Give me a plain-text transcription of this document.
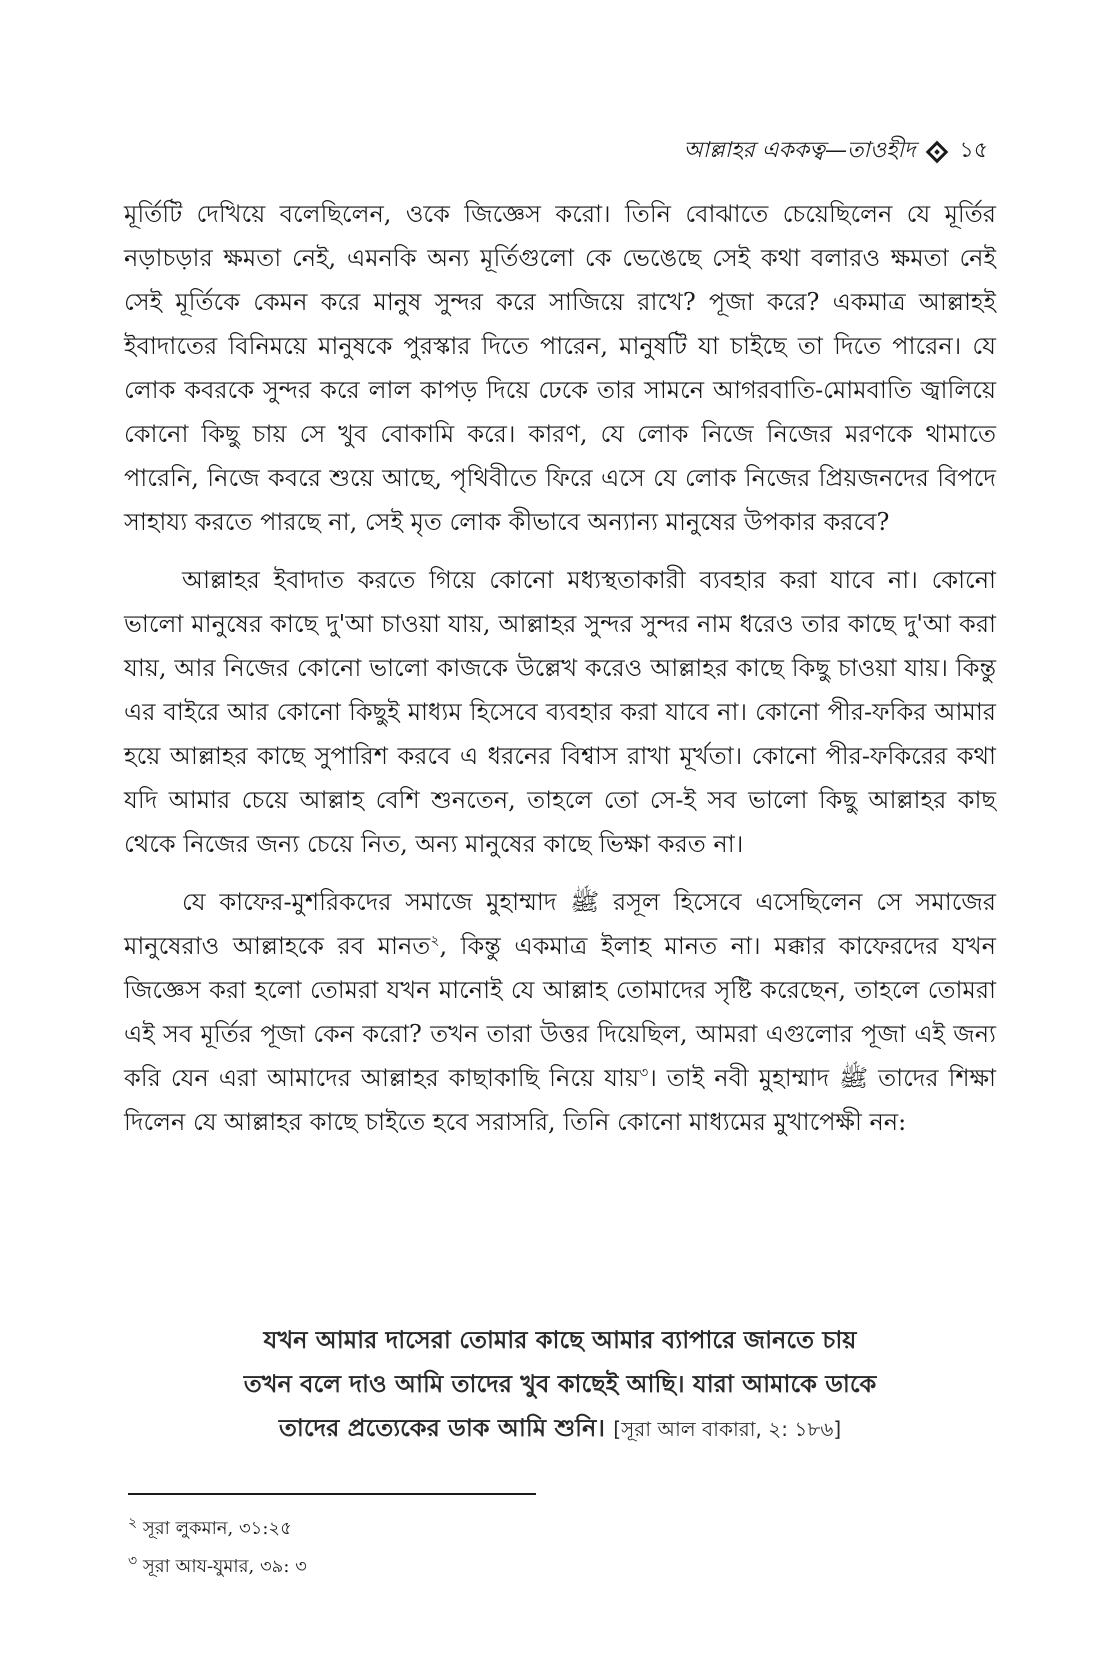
আল্লাহর এককত্ব—তাওহীদ ১৫

মূর্তিটি দেখিয়ে বলেছিলেন, ওকে জিজ্ঞেস করো। তিনি বোঝাতে চেয়েছিলেন যে মূর্তির নড়াচড়ার ক্ষমতা নেই, এমনকি অন্য মূর্তিগুলো কে ভেঙেছে সেই কথা বলারও ক্ষমতা নেই সেই মূর্তিকে কেমন করে মানুষ সুন্দর করে সাজিয়ে রাখে? পূজা করে? একমাত্র আল্লাহই ইবাদাতের বিনিময়ে মানুষকে পুরস্কার দিতে পারেন, মানুষটি যা চাইছে তা দিতে পারেন। যে লোক কবরকে সুন্দর করে লাল কাপড় দিয়ে ঢেকে তার সামনে আগরবাতি-মোমবাতি জ্বালিয়ে কোনো কিছু চায় সে খুব বোকামি করে। কারণ, যে লোক নিজে নিজের মরণকে থামাতে পারেনি, নিজে কবরে শুয়ে আছে, পৃথিবীতে ফিরে এসে যে লোক নিজের প্রিয়জনদের বিপদে সাহায্য করতে পারছে না, সেই মৃত লোক কীভাবে অন্যান্য মানুষের উপকার করবে?

আল্লাহর ইবাদাত করতে গিয়ে কোনো মধ্যস্থতাকারী ব্যবহার করা যাবে না। কোনো ভালো মানুষের কাছে দু'আ চাওয়া যায়, আল্লাহর সুন্দর সুন্দর নাম ধরেও তার কাছে দু'আ করা যায়, আর নিজের কোনো ভালো কাজকে উল্লেখ করেও আল্লাহর কাছে কিছু চাওয়া যায়। কিন্তু এর বাইরে আর কোনো কিছুই মাধ্যম হিসেবে ব্যবহার করা যাবে না। কোনো পীর-ফকির আমার হয়ে আল্লাহর কাছে সুপারিশ করবে এ ধরনের বিশ্বাস রাখা মূর্খতা। কোনো পীর-ফকিরের কথা যদি আমার চেয়ে আল্লাহ বেশি শুনতেন, তাহলে তো সে-ই সব ভালো কিছু আল্লাহর কাছ থেকে নিজের জন্য চেয়ে নিত, অন্য মানুষের কাছে ভিক্ষা করত না।

যে কাফের-মুশরিকদের সমাজে মুহাম্মাদ ﷺ রসূল হিসেবে এসেছিলেন সে সমাজের মানুষেরাও আল্লাহকে রব মানত$^২$, কিন্তু একমাত্র ইলাহ মানত না। মক্কার কাফেরদের যখন জিজ্ঞেস করা হলো তোমরা যখন মানোই যে আল্লাহ তোমাদের সৃষ্টি করেছেন, তাহলে তোমরা এই সব মূর্তির পূজা কেন করো? তখন তারা উত্তর দিয়েছিল, আমরা এগুলোর পূজা এই জন্য করি যেন এরা আমাদের আল্লাহর কাছাকাছি নিয়ে যায়$^৩$। তাই নবী মুহাম্মাদ ﷺ তাদের শিক্ষা দিলেন যে আল্লাহর কাছে চাইতে হবে সরাসরি, তিনি কোনো মাধ্যমের মুখাপেক্ষী নন:

যখন আমার দাসেরা তোমার কাছে আমার ব্যাপারে জানতে চায়
তখন বলে দাও আমি তাদের খুব কাছেই আছি। যারা আমাকে ডাকে
তাদের প্রত্যেকের ডাক আমি শুনি। [সূরা আল বাকারা, ২: ১৮৬]
$^২$ সূরা লুকমান, ৩১:২৫
$^৩$ সূরা আয-যুমার, ৩৯: ৩
